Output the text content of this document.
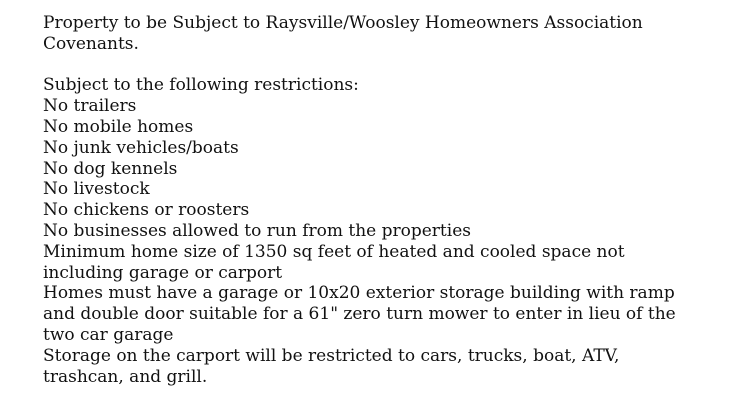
Property to be Subject to Raysville/Woosley Homeowners Association
Covenants.
Subject to the following restrictions:
No trailers
No mobile homes
No junk vehicles/boats
No dog kennels
No livestock
No chickens or roosters
No businesses allowed to run from the properties
Minimum home size of 1350 sq feet of heated and cooled space not
including garage or carport
Homes must have a garage or 10x20 exterior storage building with ramp
and double door suitable for a 61" zero turn mower to enter in lieu of the
two car garage
Storage on the carport will be restricted to cars, trucks, boat, ATV,
trashcan, and grill.
